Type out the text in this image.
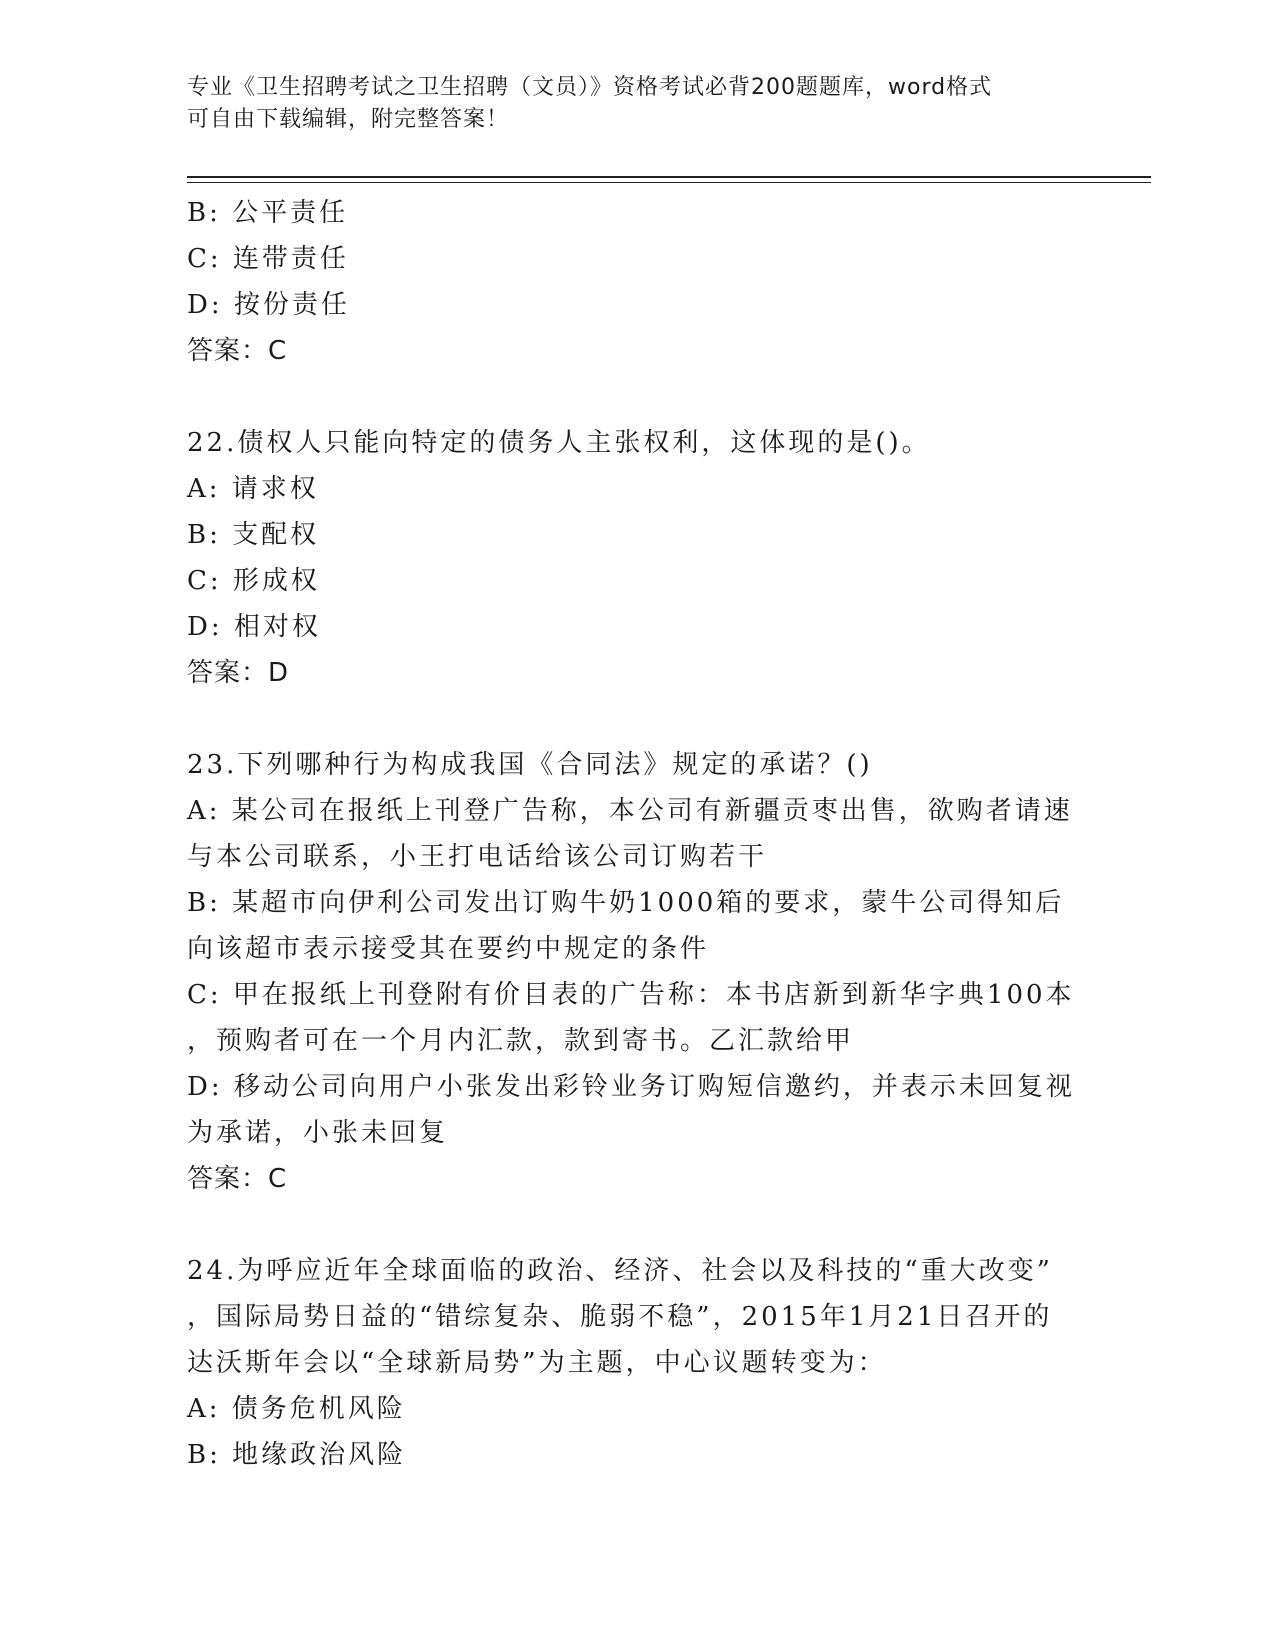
专业《卫生招聘考试之卫生招聘（文员）》资格考试必背200题题库，word格式
可自由下载编辑，附完整答案！
B: 公平责任
C: 连带责任
D: 按份责任
答案：C
22.债权人只能向特定的债务人主张权利，这体现的是()。
A: 请求权
B: 支配权
C: 形成权
D: 相对权
答案：D
23.下列哪种行为构成我国《合同法》规定的承诺？()
A: 某公司在报纸上刊登广告称，本公司有新疆贡枣出售，欲购者请速
与本公司联系，小王打电话给该公司订购若干
B: 某超市向伊利公司发出订购牛奶1000箱的要求，蒙牛公司得知后
向该超市表示接受其在要约中规定的条件
C: 甲在报纸上刊登附有价目表的广告称：本书店新到新华字典100本
，预购者可在一个月内汇款，款到寄书。乙汇款给甲
D: 移动公司向用户小张发出彩铃业务订购短信邀约，并表示未回复视
为承诺，小张未回复
答案：C
24.为呼应近年全球面临的政治、经济、社会以及科技的“重大改变”
，国际局势日益的“错综复杂、脆弱不稳”，2015年1月21日召开的
达沃斯年会以“全球新局势”为主题，中心议题转变为：
A: 债务危机风险
B: 地缘政治风险
